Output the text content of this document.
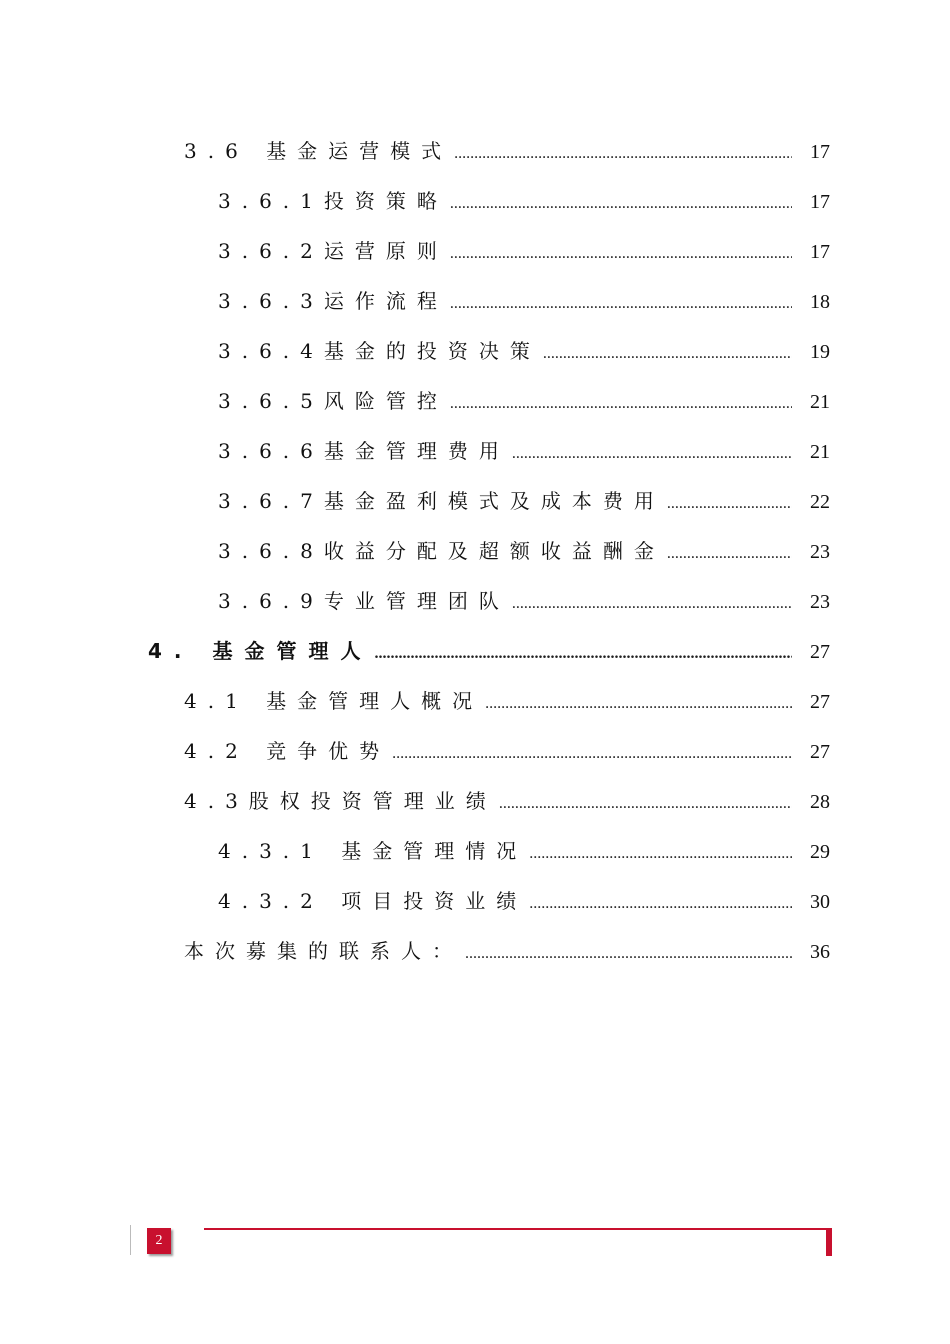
3.6 基金运营模式
.....
3.6.1投资策略
.....
3.6.2运营原则
.....
3.6.3运作流程
.....
3.6.4基金的投资决策
.....
3.6.5风险管控
.....
3.6.6基金管理费用
.....
3.6.7基金盈利模式及成本费用
.....
3.6.8收益分配及超额收益酬金
.....
3.6.9专业管理团队
.....
4. 基金管理人
.....
4.1 基金管理人概况
.....
4.2 竞争优势
.....
4.3股权投资管理业绩
.....
4.3.1 基金管理情况
.....
4.3.2 项目投资业绩
.....
本次募集的联系人：
.....
17
17
17
18
19
21
21
22
23
23
27
27
27
28
29
30
36
2
